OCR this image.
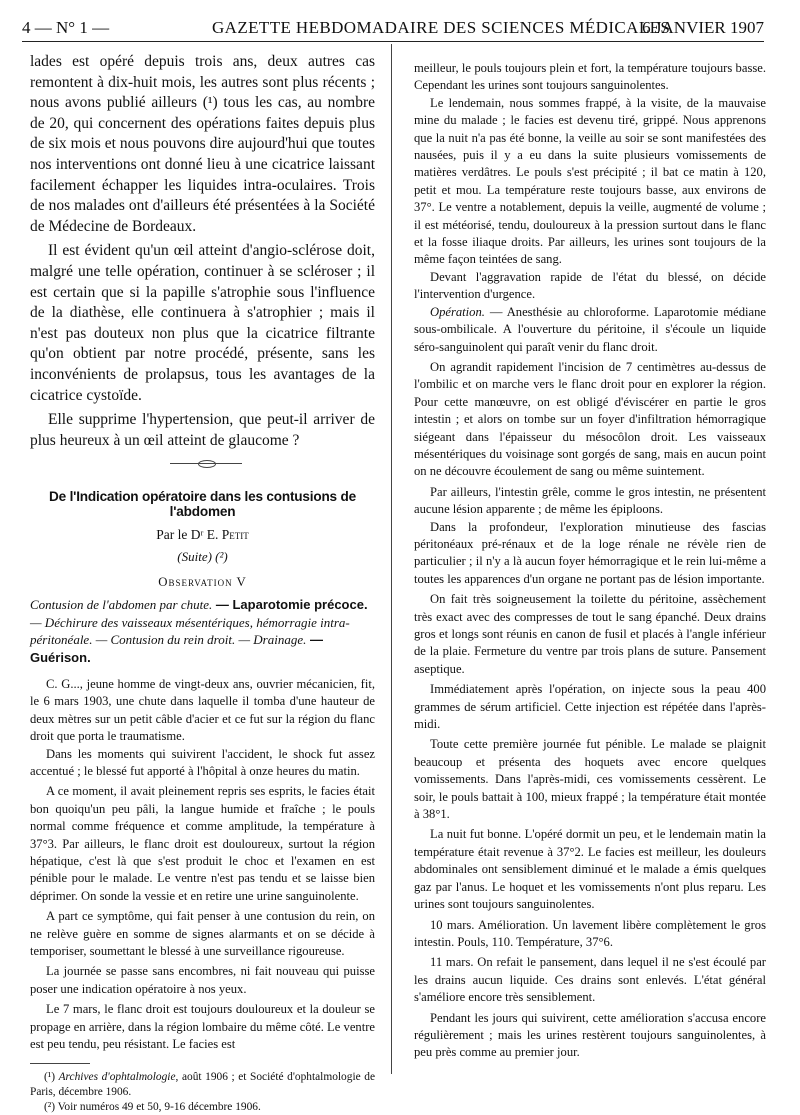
4 — N° 1 —	GAZETTE HEBDOMADAIRE DES SCIENCES MÉDICALES
6 JANVIER 1907

lades est opéré depuis trois ans, deux autres cas remontent à dix-huit mois, les autres sont plus récents ; nous avons publié ailleurs (¹) tous les cas, au nombre de 20, qui concernent des opérations faites depuis plus de six mois et nous pouvons dire aujourd'hui que toutes nos interventions ont donné lieu à une cicatrice laissant facilement échapper les liquides intra-oculaires. Trois de nos malades ont d'ailleurs été présentées à la Société de Médecine de Bordeaux.

Il est évident qu'un œil atteint d'angio-sclérose doit, malgré une telle opération, continuer à se scléroser ; il est certain que si la papille s'atrophie sous l'influence de la diathèse, elle continuera à s'atrophier ; mais il n'est pas douteux non plus que la cicatrice filtrante qu'on obtient par notre procédé, présente, sans les inconvénients de prolapsus, tous les avantages de la cicatrice cystoïde.

Elle supprime l'hypertension, que peut-il arriver de plus heureux à un œil atteint de glaucome ?

De l'Indication opératoire dans les contusions de l'abdomen
Par le Dʳ E. Petit
(Suite) (²)
Observation V
Contusion de l'abdomen par chute. — Laparotomie précoce. — Déchirure des vaisseaux mésentériques, hémorragie intra-péritonéale. — Contusion du rein droit. — Drainage. — Guérison.

C. G..., jeune homme de vingt-deux ans, ouvrier mécanicien, fit, le 6 mars 1903, une chute dans laquelle il tomba d'une hauteur de deux mètres sur un petit câble d'acier et ce fut sur la région du flanc droit que porta le traumatisme.

Dans les moments qui suivirent l'accident, le shock fut assez accentué ; le blessé fut apporté à l'hôpital à onze heures du matin.

A ce moment, il avait pleinement repris ses esprits, le facies était bon quoiqu'un peu pâli, la langue humide et fraîche ; le pouls normal comme fréquence et comme amplitude, la température à 37°3. Par ailleurs, le flanc droit est douloureux, surtout la région hépatique, c'est là que s'est produit le choc et l'examen en est pénible pour le malade. Le ventre n'est pas tendu et se laisse bien déprimer. On sonde la vessie et en retire une urine sanguinolente.

A part ce symptôme, qui fait penser à une contusion du rein, on ne relève guère en somme de signes alarmants et on se décide à temporiser, soumettant le blessé à une surveillance rigoureuse.

La journée se passe sans encombres, ni fait nouveau qui puisse poser une indication opératoire à nos yeux.

Le 7 mars, le flanc droit est toujours douloureux et la douleur se propage en arrière, dans la région lombaire du même côté. Le ventre est peu tendu, peu résistant. Le facies est

(¹) Archives d'ophtalmologie, août 1906 ; et Société d'ophtalmologie de Paris, décembre 1906.

(²) Voir numéros 49 et 50, 9-16 décembre 1906.

meilleur, le pouls toujours plein et fort, la température toujours basse. Cependant les urines sont toujours sanguinolentes.

Le lendemain, nous sommes frappé, à la visite, de la mauvaise mine du malade ; le facies est devenu tiré, grippé. Nous apprenons que la nuit n'a pas été bonne, la veille au soir se sont manifestées des nausées, puis il y a eu dans la suite plusieurs vomissements de matières verdâtres. Le pouls s'est précipité ; il bat ce matin à 120, petit et mou. La température reste toujours basse, aux environs de 37°. Le ventre a notablement, depuis la veille, augmenté de volume ; il est météorisé, tendu, douloureux à la pression surtout dans le flanc et la fosse iliaque droits. Par ailleurs, les urines sont toujours de la même façon teintées de sang.

Devant l'aggravation rapide de l'état du blessé, on décide l'intervention d'urgence.

Opération. — Anesthésie au chloroforme. Laparotomie médiane sous-ombilicale. A l'ouverture du péritoine, il s'écoule un liquide séro-sanguinolent qui paraît venir du flanc droit.

On agrandit rapidement l'incision de 7 centimètres au-dessus de l'ombilic et on marche vers le flanc droit pour en explorer la région. Pour cette manœuvre, on est obligé d'éviscérer en partie le gros intestin ; et alors on tombe sur un foyer d'infiltration hémorragique siégeant dans l'épaisseur du mésocôlon droit. Les vaisseaux mésentériques du voisinage sont gorgés de sang, mais en aucun point on ne découvre écoulement de sang ou même suintement.

Par ailleurs, l'intestin grêle, comme le gros intestin, ne présentent aucune lésion apparente ; de même les épiploons.

Dans la profondeur, l'exploration minutieuse des fascias péritonéaux pré-rénaux et de la loge rénale ne révèle rien de particulier ; il n'y a là aucun foyer hémorragique et le rein lui-même a toutes les apparences d'un organe ne portant pas de lésion importante.

On fait très soigneusement la toilette du péritoine, assèchement très exact avec des compresses de tout le sang épanché. Deux drains gros et longs sont réunis en canon de fusil et placés à l'angle inférieur de la plaie. Fermeture du ventre par trois plans de suture. Pansement aseptique.

Immédiatement après l'opération, on injecte sous la peau 400 grammes de sérum artificiel. Cette injection est répétée dans l'après-midi.

Toute cette première journée fut pénible. Le malade se plaignit beaucoup et présenta des hoquets avec encore quelques vomissements. Dans l'après-midi, ces vomissements cessèrent. Le soir, le pouls battait à 100, mieux frappé ; la température était montée à 38°1.

La nuit fut bonne. L'opéré dormit un peu, et le lendemain matin la température était revenue à 37°2. Le facies est meilleur, les douleurs abdominales ont sensiblement diminué et le malade a émis quelques gaz par l'anus. Le hoquet et les vomissements n'ont plus reparu. Les urines sont toujours sanguinolentes.

10 mars. Amélioration. Un lavement libère complètement le gros intestin. Pouls, 110. Température, 37°6.

11 mars. On refait le pansement, dans lequel il ne s'est écoulé par les drains aucun liquide. Ces drains sont enlevés. L'état général s'améliore encore très sensiblement.

Pendant les jours qui suivirent, cette amélioration s'accusa encore régulièrement ; mais les urines restèrent toujours sanguinolentes, à peu près comme au premier jour.
